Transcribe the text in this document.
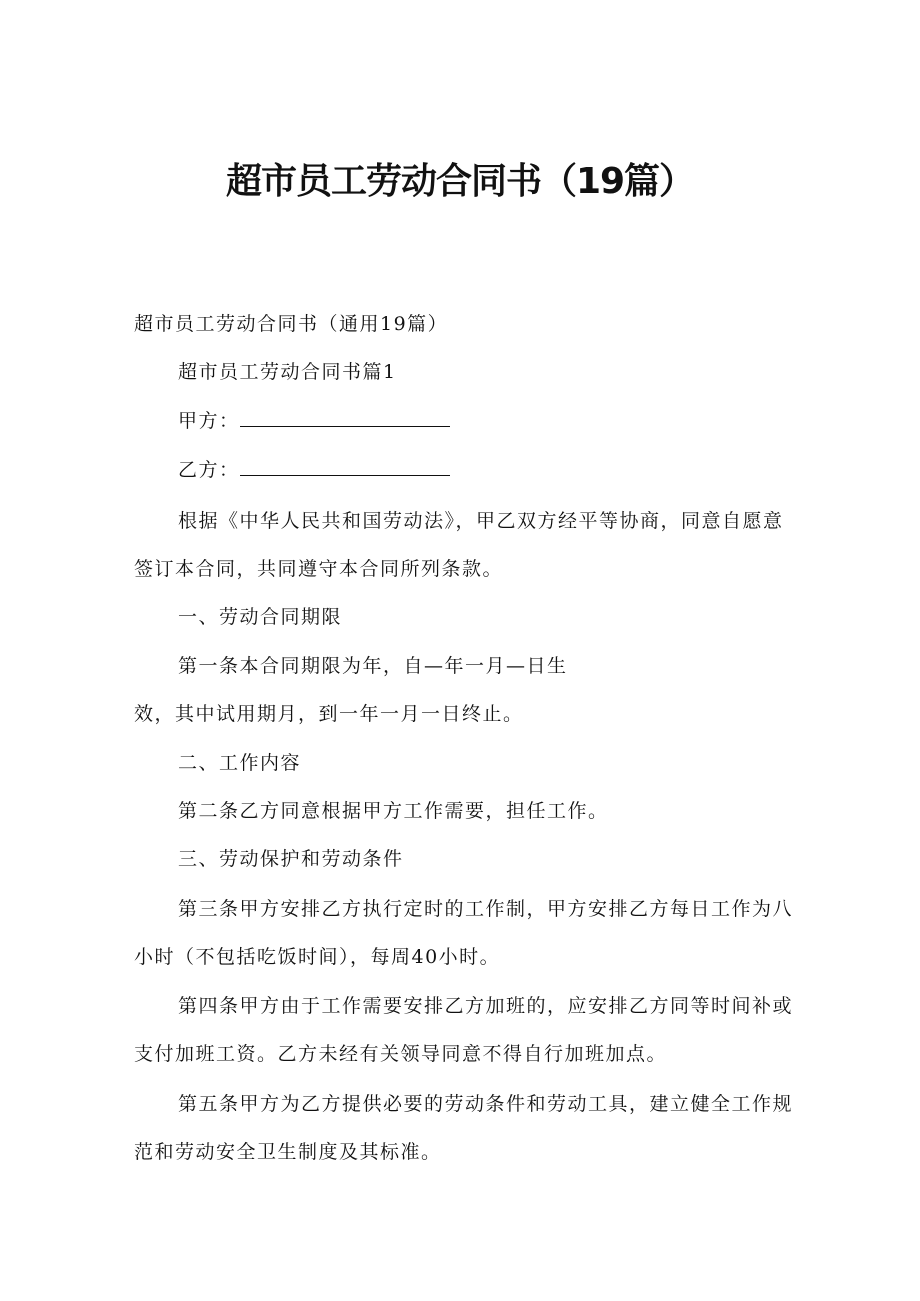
超市员工劳动合同书（19篇）

超市员工劳动合同书（通用19篇）

超市员工劳动合同书篇1

甲方：

乙方：

根据《中华人民共和国劳动法》，甲乙双方经平等协商，同意自愿意

签订本合同，共同遵守本合同所列条款。

一、劳动合同期限

第一条本合同期限为年，自—年一月—日生

效，其中试用期月，到一年一月一日终止。

二、工作内容

第二条乙方同意根据甲方工作需要，担任工作。

三、劳动保护和劳动条件

第三条甲方安排乙方执行定时的工作制，甲方安排乙方每日工作为八

小时（不包括吃饭时间），每周40小时。

第四条甲方由于工作需要安排乙方加班的，应安排乙方同等时间补或

支付加班工资。乙方未经有关领导同意不得自行加班加点。

第五条甲方为乙方提供必要的劳动条件和劳动工具，建立健全工作规

范和劳动安全卫生制度及其标准。
